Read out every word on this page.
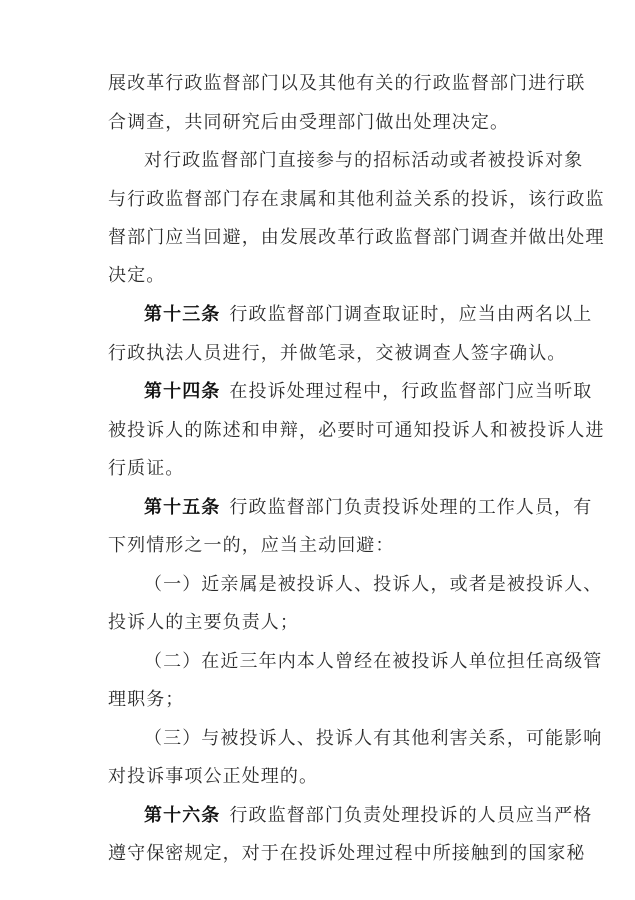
展改革行政监督部门以及其他有关的行政监督部门进行联
合调查，共同研究后由受理部门做出处理决定。
对行政监督部门直接参与的招标活动或者被投诉对象
与行政监督部门存在隶属和其他利益关系的投诉，该行政监
督部门应当回避，由发展改革行政监督部门调查并做出处理
决定。
第十三条 行政监督部门调查取证时，应当由两名以上
行政执法人员进行，并做笔录，交被调查人签字确认。
第十四条 在投诉处理过程中，行政监督部门应当听取
被投诉人的陈述和申辩，必要时可通知投诉人和被投诉人进
行质证。
第十五条 行政监督部门负责投诉处理的工作人员，有
下列情形之一的，应当主动回避：
（一）近亲属是被投诉人、投诉人，或者是被投诉人、
投诉人的主要负责人；
（二）在近三年内本人曾经在被投诉人单位担任高级管
理职务；
（三）与被投诉人、投诉人有其他利害关系，可能影响
对投诉事项公正处理的。
第十六条 行政监督部门负责处理投诉的人员应当严格
遵守保密规定，对于在投诉处理过程中所接触到的国家秘
